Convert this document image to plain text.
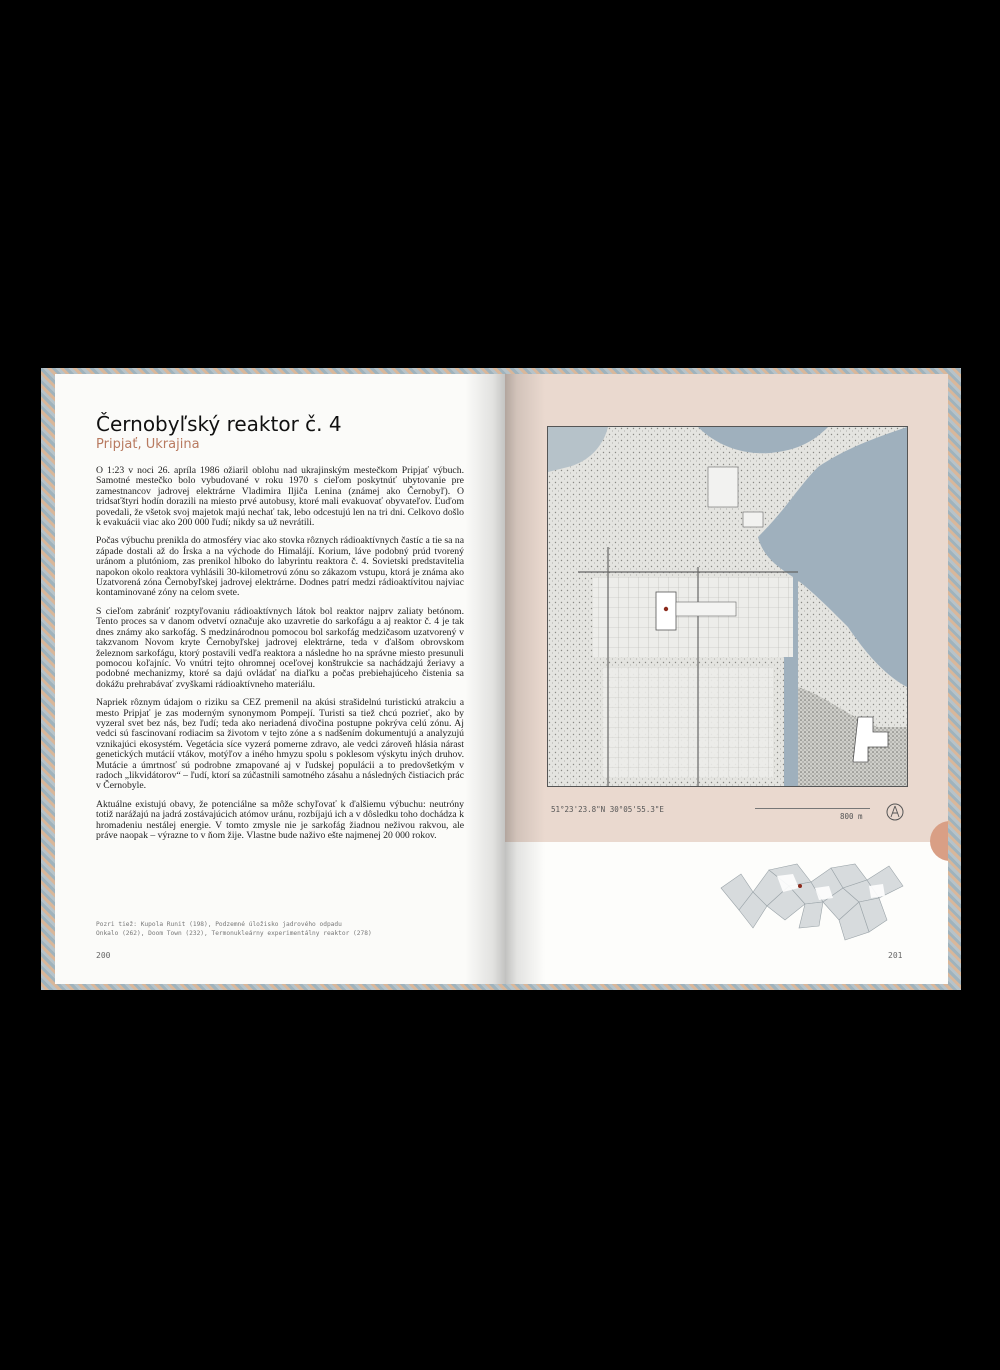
Černobyľský reaktor č. 4
Pripjať, Ukrajina

O 1:23 v noci 26. apríla 1986 ožiaril oblohu nad ukrajinským mestečkom Pripjať výbuch. Samotné mestečko bolo vybudované v roku 1970 s cieľom poskytnúť ubytovanie pre zamestnancov jadrovej elektrárne Vladimira Iljiča Lenina (známej ako Černobyľ). O tridsaťštyri hodín dorazili na miesto prvé autobusy, ktoré mali evakuovať obyvateľov. Ľuďom povedali, že všetok svoj majetok majú nechať tak, lebo odcestujú len na tri dni. Celkovo došlo k evakuácii viac ako 200 000 ľudí; nikdy sa už nevrátili.

Počas výbuchu prenikla do atmosféry viac ako stovka rôznych rádioaktívnych častíc a tie sa na západe dostali až do Írska a na východe do Himalájí. Korium, láve podobný prúd tvorený uránom a plutóniom, zas prenikol hlboko do labyrintu reaktora č. 4. Sovietski predstavitelia napokon okolo reaktora vyhlásili 30-kilometrovú zónu so zákazom vstupu, ktorá je známa ako Uzatvorená zóna Černobyľskej jadrovej elektrárne. Dodnes patrí medzi rádioaktívitou najviac kontaminované zóny na celom svete.

S cieľom zabrániť rozptyľovaniu rádioaktívnych látok bol reaktor najprv zaliaty betónom. Tento proces sa v danom odvetví označuje ako uzavretie do sarkofágu a aj reaktor č. 4 je tak dnes známy ako sarkofág. S medzinárodnou pomocou bol sarkofág medzičasom uzatvorený v takzvanom Novom kryte Černobyľskej jadrovej elektrárne, teda v ďalšom obrovskom železnom sarkofágu, ktorý postavili vedľa reaktora a následne ho na správne miesto presunuli pomocou koľajníc. Vo vnútri tejto ohromnej oceľovej konštrukcie sa nachádzajú žeriavy a podobné mechanizmy, ktoré sa dajú ovládať na diaľku a počas prebiehajúceho čistenia sa dokážu prehrabávať zvyškami rádioaktívneho materiálu.

Napriek rôznym údajom o riziku sa CEZ premenil na akúsi strašidelnú turistickú atrakciu a mesto Pripjať je zas moderným synonymom Pompejí. Turisti sa tiež chcú pozrieť, ako by vyzeral svet bez nás, bez ľudí; teda ako neriadená divočina postupne pokrýva celú zónu. Aj vedci sú fascinovaní rodiacim sa životom v tejto zóne a s nadšením dokumentujú a analyzujú vznikajúci ekosystém. Vegetácia síce vyzerá pomerne zdravo, ale vedci zároveň hlásia nárast genetických mutácií vtákov, motýľov a iného hmyzu spolu s poklesom výskytu iných druhov. Mutácie a úmrtnosť sú podrobne zmapované aj v ľudskej populácii a to predovšetkým v radoch „likvidátorov“ – ľudí, ktorí sa zúčastnili samotného zásahu a následných čistiacich prác v Černobyle.

Aktuálne existujú obavy, že potenciálne sa môže schyľovať k ďalšiemu výbuchu: neutróny totiž narážajú na jadrá zostávajúcich atómov uránu, rozbíjajú ich a v dôsledku toho dochádza k hromadeniu nestálej energie. V tomto zmysle nie je sarkofág žiadnou neživou rakvou, ale práve naopak – výrazne to v ňom žije. Vlastne bude naživo ešte najmenej 20 000 rokov.

Pozri tiež: Kupola Runit (198), Podzemné úložisko jadrového odpadu
Onkalo (262), Doom Town (232), Termonukleárny experimentálny reaktor (278)
200
51°23'23.8"N 30°05'55.3"E
800 m
201
